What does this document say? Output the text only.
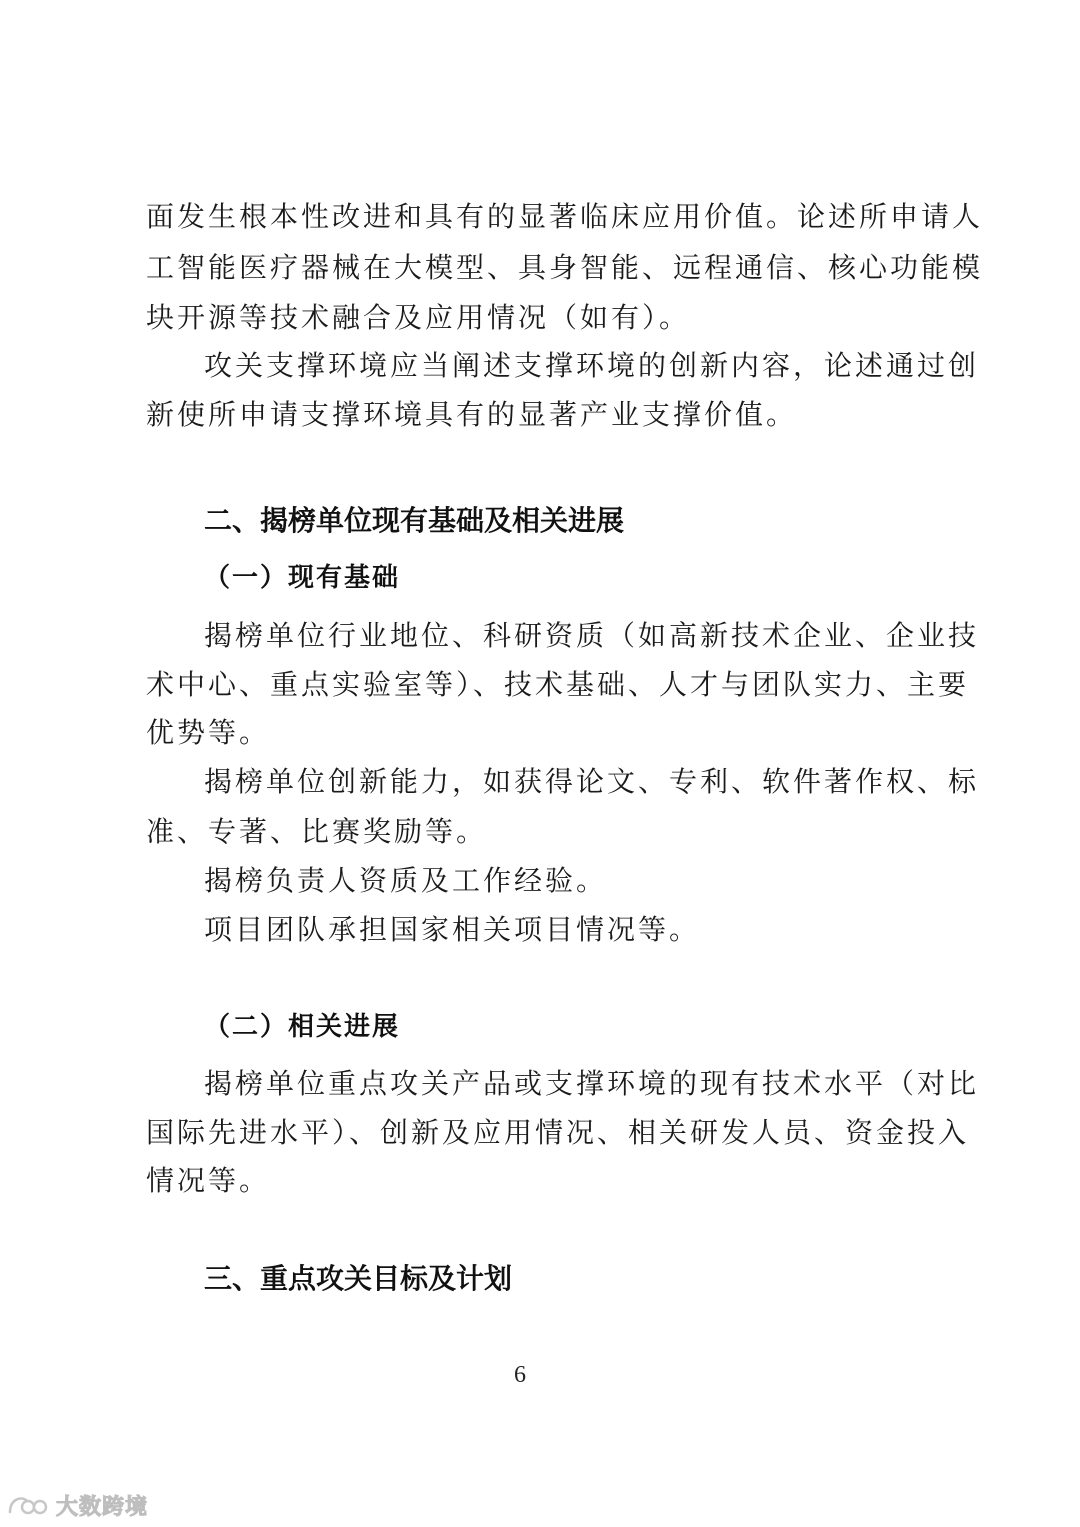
面发生根本性改进和具有的显著临床应用价值。论述所申请人
工智能医疗器械在大模型、具身智能、远程通信、核心功能模
块开源等技术融合及应用情况（如有）。
攻关支撑环境应当阐述支撑环境的创新内容，论述通过创
新使所申请支撑环境具有的显著产业支撑价值。
二、揭榜单位现有基础及相关进展
（一）现有基础
揭榜单位行业地位、科研资质（如高新技术企业、企业技
术中心、重点实验室等）、技术基础、人才与团队实力、主要
优势等。
揭榜单位创新能力，如获得论文、专利、软件著作权、标
准、专著、比赛奖励等。
揭榜负责人资质及工作经验。
项目团队承担国家相关项目情况等。
（二）相关进展
揭榜单位重点攻关产品或支撑环境的现有技术水平（对比
国际先进水平）、创新及应用情况、相关研发人员、资金投入
情况等。
三、重点攻关目标及计划
6
大数跨境
